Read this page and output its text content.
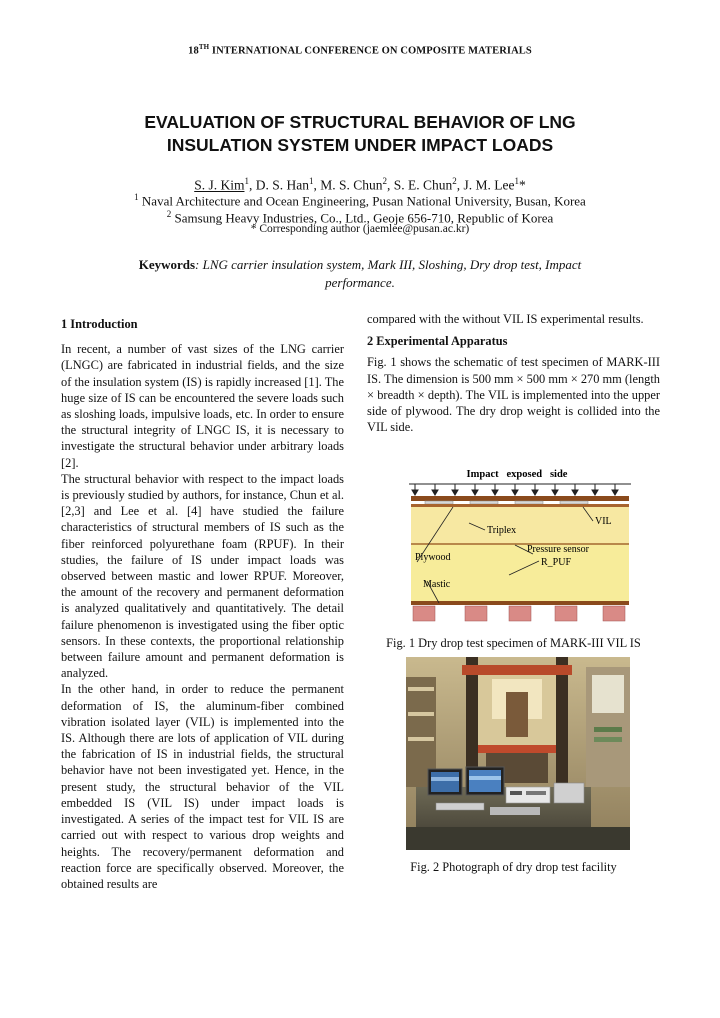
18TH INTERNATIONAL CONFERENCE ON COMPOSITE MATERIALS
EVALUATION OF STRUCTURAL BEHAVIOR OF LNG
INSULATION SYSTEM UNDER IMPACT LOADS
S. J. Kim$^1$, D. S. Han$^1$, M. S. Chun$^2$, S. E. Chun$^2$, J. M. Lee$^1$*
$^1$ Naval Architecture and Ocean Engineering, Pusan National University, Busan, Korea
$^2$ Samsung Heavy Industries, Co., Ltd., Geoje 656-710, Republic of Korea
* Corresponding author (jaemlee@pusan.ac.kr)
Keywords: LNG carrier insulation system, Mark III, Sloshing, Dry drop test, Impact performance.
1 Introduction

In recent, a number of vast sizes of the LNG carrier (LNGC) are fabricated in industrial fields, and the size of the insulation system (IS) is rapidly increased [1]. The huge size of IS can be encountered the severe loads such as sloshing loads, impulsive loads, etc. In order to ensure the structural integrity of LNGC IS, it is necessary to investigate the structural behavior under arbitrary loads [2].

The structural behavior with respect to the impact loads is previously studied by authors, for instance, Chun et al. [2,3] and Lee et al. [4] have studied the failure characteristics of structural members of IS such as the fiber reinforced polyurethane foam (RPUF). In their studies, the failure of IS under impact loads was observed between mastic and lower RPUF. Moreover, the amount of the recovery and permanent deformation is analyzed qualitatively and quantitatively. The detail failure phenomenon is investigated using the fiber optic sensors. In these contexts, the proportional relationship between failure amount and permanent deformation is analyzed.

In the other hand, in order to reduce the permanent deformation of IS, the aluminum-fiber combined vibration isolated layer (VIL) is implemented into the IS. Although there are lots of application of VIL during the fabrication of IS in industrial fields, the structural behavior have not been investigated yet. Hence, in the present study, the structural behavior of the VIL embedded IS (VIL IS) under impact loads is investigated. A series of the impact test for VIL IS are carried out with respect to various drop weights and heights. The recovery/permanent deformation and reaction force are specifically observed. Moreover, the obtained results are

compared with the without VIL IS experimental results.

2 Experimental Apparatus

Fig. 1 shows the schematic of test specimen of MARK-III IS. The dimension is 500 mm × 500 mm × 270 mm (length × breadth × depth). The VIL is implemented into the upper side of plywood. The dry drop weight is collided into the VIL side.

Impact   exposed   side
VIL
Triplex
Plywood
Pressure sensor
R_PUF
Mastic
Fig. 1 Dry drop test specimen of MARK-III VIL IS
Fig. 2 Photograph of dry drop test facility
